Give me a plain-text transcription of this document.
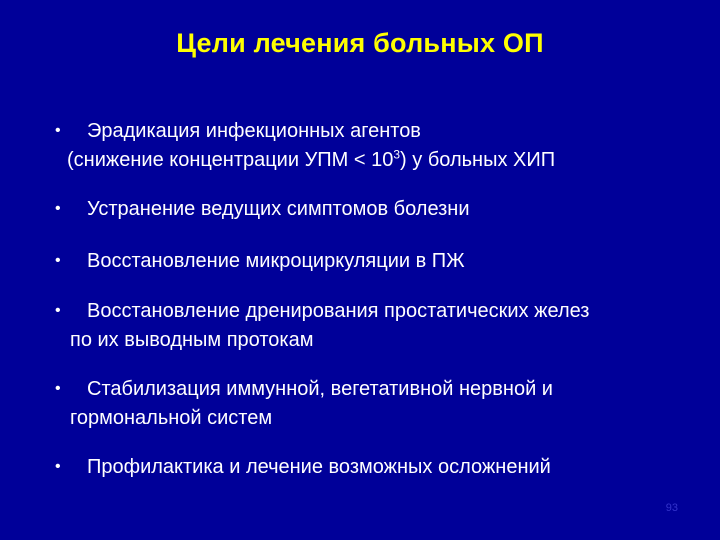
Цели лечения больных ОП
• Эрадикация инфекционных агентов
(снижение концентрации УПМ < $10^3$) у больных ХИП
• Устранение ведущих симптомов болезни
• Восстановление микроциркуляции в ПЖ
• Восстановление дренирования простатических желез
по их выводным протокам
• Стабилизация иммунной, вегетативной нервной и
гормональной систем
• Профилактика и лечение возможных осложнений
93
